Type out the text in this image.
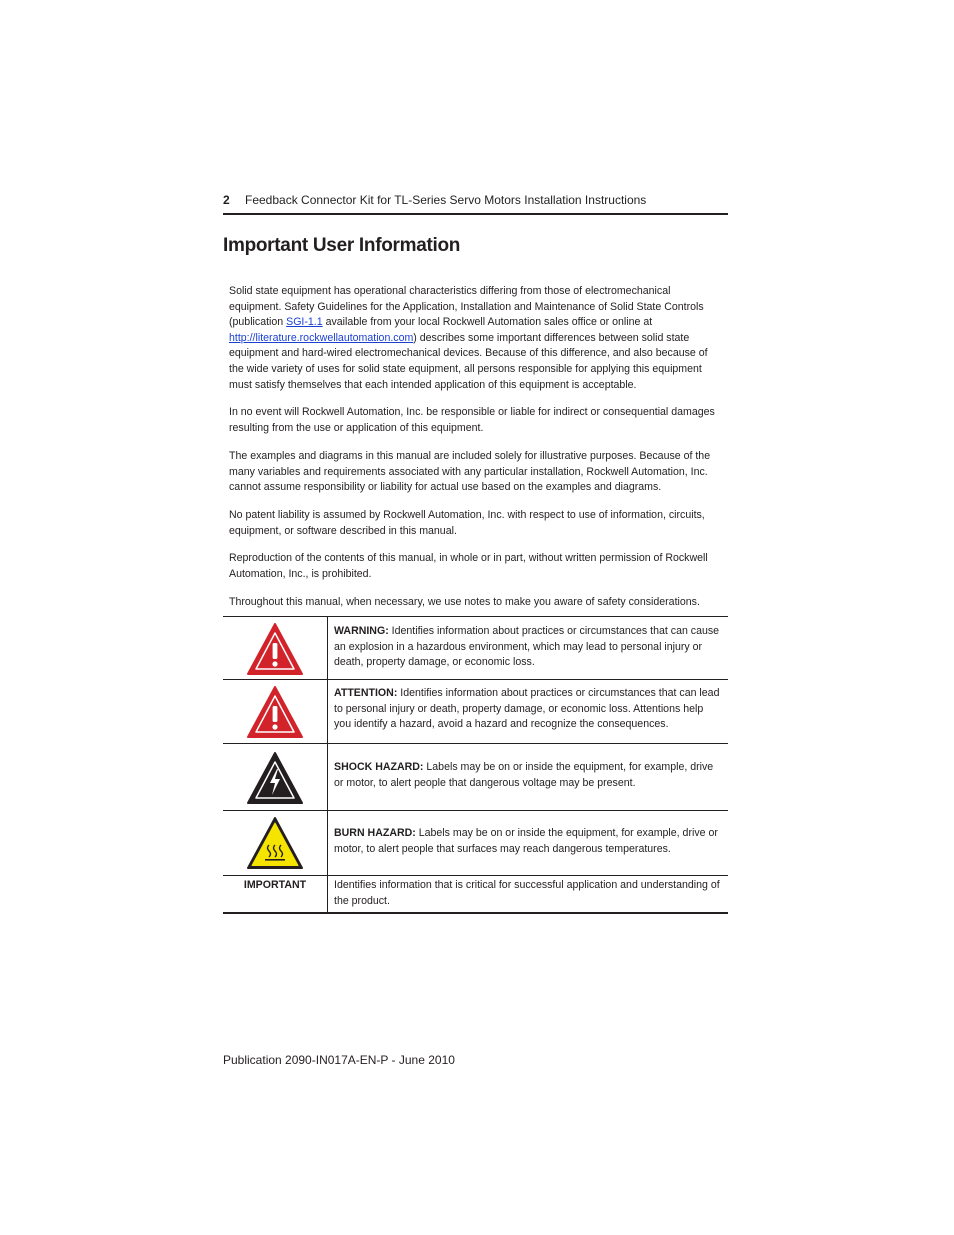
2 Feedback Connector Kit for TL-Series Servo Motors Installation Instructions
Important User Information

Solid state equipment has operational characteristics differing from those of electromechanical equipment. Safety Guidelines for the Application, Installation and Maintenance of Solid State Controls (publication SGI-1.1 available from your local Rockwell Automation sales office or online at http://literature.rockwellautomation.com) describes some important differences between solid state equipment and hard-wired electromechanical devices. Because of this difference, and also because of the wide variety of uses for solid state equipment, all persons responsible for applying this equipment must satisfy themselves that each intended application of this equipment is acceptable.

In no event will Rockwell Automation, Inc. be responsible or liable for indirect or consequential damages resulting from the use or application of this equipment.

The examples and diagrams in this manual are included solely for illustrative purposes. Because of the many variables and requirements associated with any particular installation, Rockwell Automation, Inc. cannot assume responsibility or liability for actual use based on the examples and diagrams.

No patent liability is assumed by Rockwell Automation, Inc. with respect to use of information, circuits, equipment, or software described in this manual.

Reproduction of the contents of this manual, in whole or in part, without written permission of Rockwell Automation, Inc., is prohibited.

Throughout this manual, when necessary, we use notes to make you aware of safety considerations.

	WARNING: Identifies information about practices or circumstances that can cause an explosion in a hazardous environment, which may lead to personal injury or death, property damage, or economic loss.

	ATTENTION: Identifies information about practices or circumstances that can lead to personal injury or death, property damage, or economic loss. Attentions help you identify a hazard, avoid a hazard and recognize the consequences.

	SHOCK HAZARD: Labels may be on or inside the equipment, for example, drive or motor, to alert people that dangerous voltage may be present.

	BURN HAZARD: Labels may be on or inside the equipment, for example, drive or motor, to alert people that surfaces may reach dangerous temperatures.
IMPORTANT	Identifies information that is critical for successful application and understanding of the product.
Publication 2090-IN017A-EN-P - June 2010
